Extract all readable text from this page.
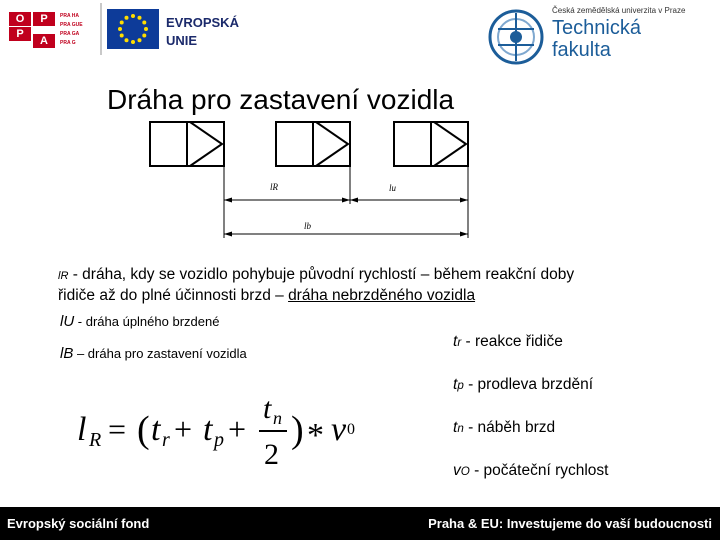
O	P
P
A
PRA HA
PRA GUE
PRA GA
PRA G
EVROPSKÁ
UNIE
Česká zemědělská univerzita v Praze
Technická
fakulta
Dráha pro zastavení vozidla
lR	lu
lb
lR - dráha, kdy se vozidlo pohybuje původní rychlostí – během reakční doby
řidiče až do plné účinnosti brzd – dráha nebrzděného vozidla
lU - dráha úplného brzdené
lB – dráha pro zastavení vozidla
tr - reakce řidiče
tp - prodleva brzdění
tn - náběh brzd
vO - počáteční rychlost
l R = ( t r + t p +
t n
2
) * v 0
Evropský sociální fond	Praha & EU: Investujeme do vaší budoucnosti
